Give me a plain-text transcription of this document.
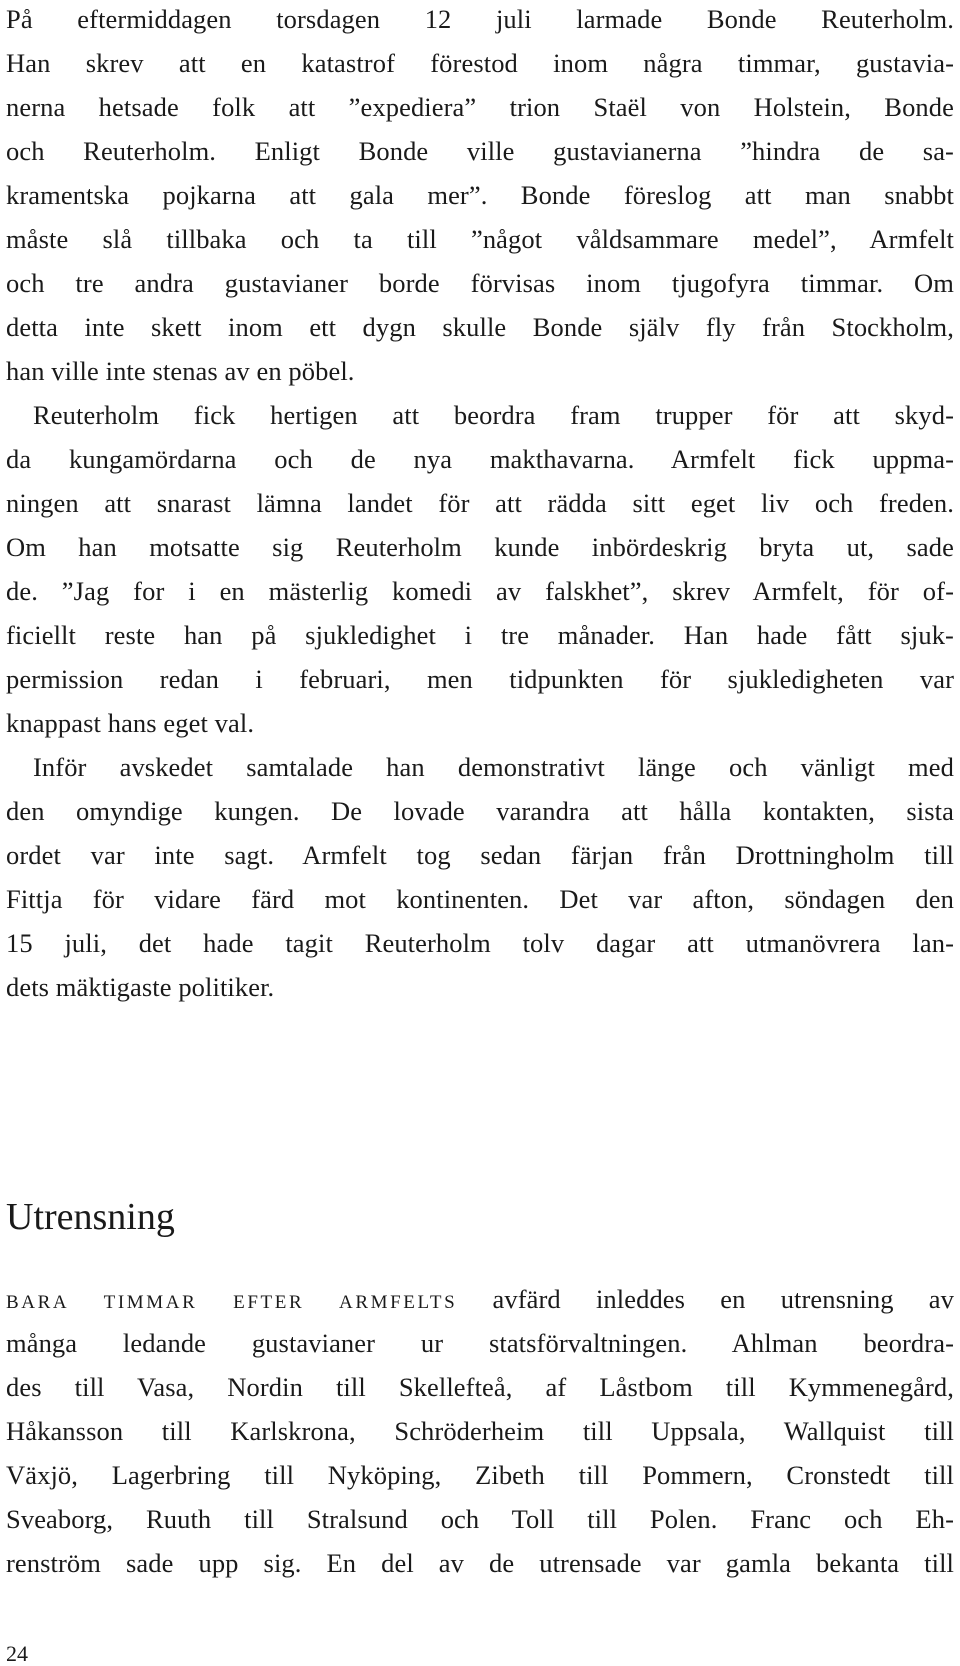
På eftermiddagen torsdagen 12 juli larmade Bonde Reuterholm.
Han skrev att en katastrof förestod inom några timmar, gustavia-
nerna hetsade folk att ”expediera” trion Staël von Holstein, Bonde
och Reuterholm. Enligt Bonde ville gustavianerna ”hindra de sa-
kramentska pojkarna att gala mer”. Bonde föreslog att man snabbt
måste slå tillbaka och ta till ”något våldsammare medel”, Armfelt
och tre andra gustavianer borde förvisas inom tjugofyra timmar. Om
detta inte skett inom ett dygn skulle Bonde själv fly från Stockholm,
han ville inte stenas av en pöbel.
Reuterholm fick hertigen att beordra fram trupper för att skyd-
da kungamördarna och de nya makthavarna. Armfelt fick uppma-
ningen att snarast lämna landet för att rädda sitt eget liv och freden.
Om han motsatte sig Reuterholm kunde inbördeskrig bryta ut, sade
de. ”Jag for i en mästerlig komedi av falskhet”, skrev Armfelt, för of-
ficiellt reste han på sjukledighet i tre månader. Han hade fått sjuk-
permission redan i februari, men tidpunkten för sjukledigheten var
knappast hans eget val.
Inför avskedet samtalade han demonstrativt länge och vänligt med
den omyndige kungen. De lovade varandra att hålla kontakten, sista
ordet var inte sagt. Armfelt tog sedan färjan från Drottningholm till
Fittja för vidare färd mot kontinenten. Det var afton, söndagen den
15 juli, det hade tagit Reuterholm tolv dagar att utmanövrera lan-
dets mäktigaste politiker.
Utrensning
BARA TIMMAR EFTER ARMFELTS avfärd inleddes en utrensning av
många ledande gustavianer ur statsförvaltningen. Ahlman beordra-
des till Vasa, Nordin till Skellefteå, af Låstbom till Kymmenegård,
Håkansson till Karlskrona, Schröderheim till Uppsala, Wallquist till
Växjö, Lagerbring till Nyköping, Zibeth till Pommern, Cronstedt till
Sveaborg, Ruuth till Stralsund och Toll till Polen. Franc och Eh-
renström sade upp sig. En del av de utrensade var gamla bekanta till
24
